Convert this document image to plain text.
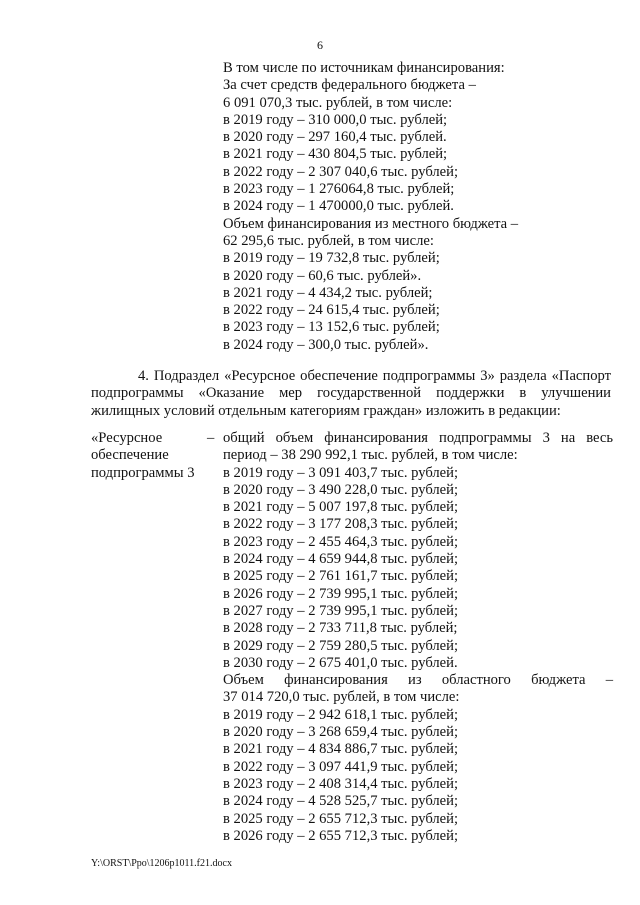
6
В том числе по источникам финансирования:
За счет средств федерального бюджета –
6 091 070,3 тыс. рублей, в том числе:
в 2019 году – 310 000,0 тыс. рублей;
в 2020 году – 297 160,4 тыс. рублей.
в 2021 году – 430 804,5 тыс. рублей;
в 2022 году – 2 307 040,6 тыс. рублей;
в 2023 году – 1 276064,8 тыс. рублей;
в 2024 году – 1 470000,0 тыс. рублей.
Объем финансирования из местного бюджета –
62 295,6 тыс. рублей, в том числе:
в 2019 году – 19 732,8 тыс. рублей;
в 2020 году – 60,6 тыс. рублей».
в 2021 году – 4 434,2 тыс. рублей;
в 2022 году – 24 615,4 тыс. рублей;
в 2023 году – 13 152,6 тыс. рублей;
в 2024 году – 300,0 тыс. рублей».
4. Подраздел «Ресурсное обеспечение подпрограммы 3» раздела «Паспорт подпрограммы «Оказание мер государственной поддержки в улучшении жилищных условий отдельным категориям граждан» изложить в редакции:
«Ресурсное
обеспечение
подпрограммы 3
– общий объем финансирования подпрограммы 3 на весь
период – 38 290 992,1 тыс. рублей, в том числе:
в 2019 году – 3 091 403,7 тыс. рублей;
в 2020 году – 3 490 228,0 тыс. рублей;
в 2021 году – 5 007 197,8 тыс. рублей;
в 2022 году – 3 177 208,3 тыс. рублей;
в 2023 году – 2 455 464,3 тыс. рублей;
в 2024 году – 4 659 944,8 тыс. рублей;
в 2025 году – 2 761 161,7 тыс. рублей;
в 2026 году – 2 739 995,1 тыс. рублей;
в 2027 году – 2 739 995,1 тыс. рублей;
в 2028 году – 2 733 711,8 тыс. рублей;
в 2029 году – 2 759 280,5 тыс. рублей;
в 2030 году – 2 675 401,0 тыс. рублей.
Объем финансирования из областного бюджета –
37 014 720,0 тыс. рублей, в том числе:
в 2019 году – 2 942 618,1 тыс. рублей;
в 2020 году – 3 268 659,4 тыс. рублей;
в 2021 году – 4 834 886,7 тыс. рублей;
в 2022 году – 3 097 441,9 тыс. рублей;
в 2023 году – 2 408 314,4 тыс. рублей;
в 2024 году – 4 528 525,7 тыс. рублей;
в 2025 году – 2 655 712,3 тыс. рублей;
в 2026 году – 2 655 712,3 тыс. рублей;
Y:\ORST\Ppo\1206p1011.f21.docx
